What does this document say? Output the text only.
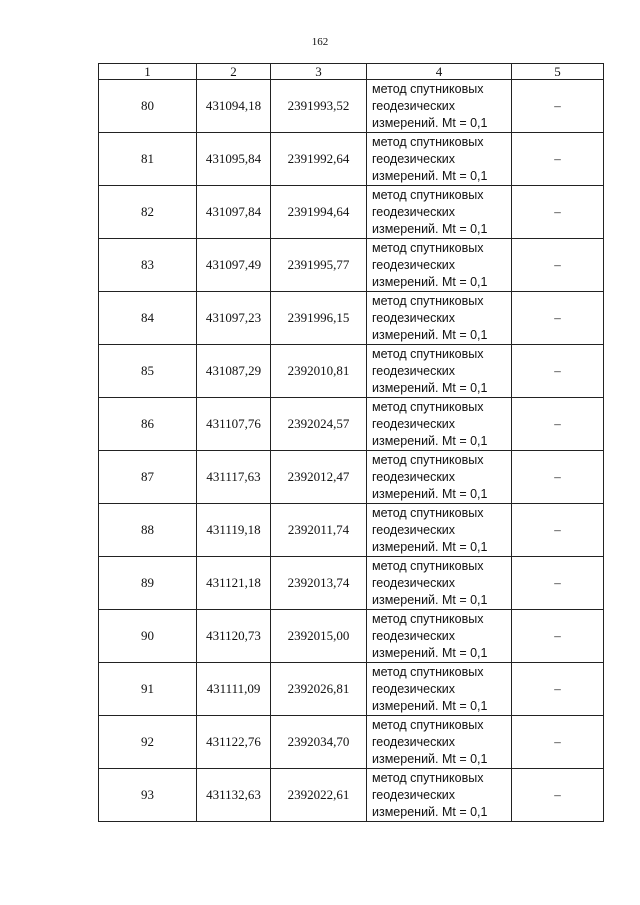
162
1	2	3	4	5
80	431094,18	2391993,52	метод спутниковых
геодезических
измерений. Mt = 0,1	–
81	431095,84	2391992,64	метод спутниковых
геодезических
измерений. Mt = 0,1	–
82	431097,84	2391994,64	метод спутниковых
геодезических
измерений. Mt = 0,1	–
83	431097,49	2391995,77	метод спутниковых
геодезических
измерений. Mt = 0,1	–
84	431097,23	2391996,15	метод спутниковых
геодезических
измерений. Mt = 0,1	–
85	431087,29	2392010,81	метод спутниковых
геодезических
измерений. Mt = 0,1	–
86	431107,76	2392024,57	метод спутниковых
геодезических
измерений. Mt = 0,1	–
87	431117,63	2392012,47	метод спутниковых
геодезических
измерений. Mt = 0,1	–
88	431119,18	2392011,74	метод спутниковых
геодезических
измерений. Mt = 0,1	–
89	431121,18	2392013,74	метод спутниковых
геодезических
измерений. Mt = 0,1	–
90	431120,73	2392015,00	метод спутниковых
геодезических
измерений. Mt = 0,1	–
91	431111,09	2392026,81	метод спутниковых
геодезических
измерений. Mt = 0,1	–
92	431122,76	2392034,70	метод спутниковых
геодезических
измерений. Mt = 0,1	–
93	431132,63	2392022,61	метод спутниковых
геодезических
измерений. Mt = 0,1	–
